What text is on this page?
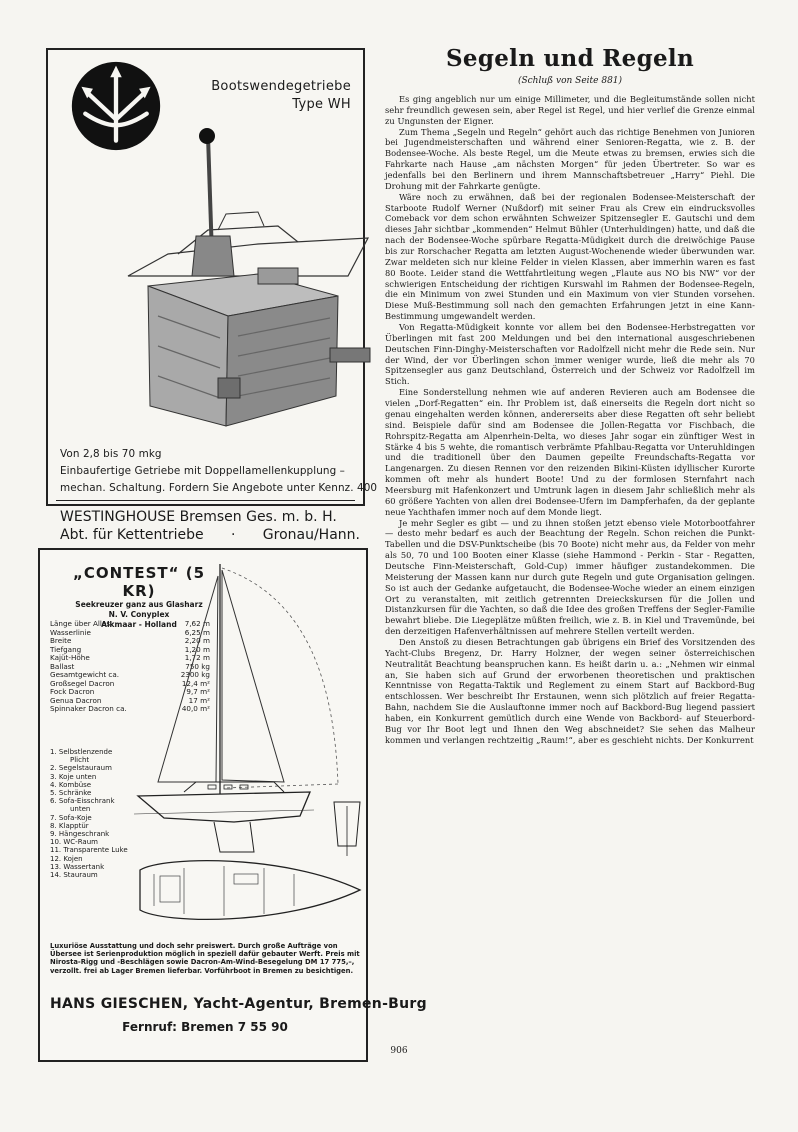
Bootswendegetriebe
Type WH
Von 2,8 bis 70 mkg
Einbaufertige Getriebe mit Doppellamellenkupplung –
mechan. Schaltung. Fordern Sie Angebote unter Kennz. 400
WESTINGHOUSE Bremsen Ges. m. b. H.
Abt. für Kettentriebe · Gronau/Hann.
„CONTEST“ (5 KR)
Seekreuzer ganz aus Glasharz
N. V. Conyplex
Alkmaar - Holland
Länge über Alles	7,62 m
Wasserlinie	6,25 m
Breite	2,20 m
Tiefgang	1,20 m
Kajüt-Höhe	1,72 m
Ballast	750 kg
Gesamtgewicht ca.	2300 kg
Großsegel Dacron	12,4 m²
Fock Dacron	9,7 m²
Genua Dacron	17 m²
Spinnaker Dacron ca.	40,0 m²
1. Selbstlenzende Plicht
2. Segelstauraum
3. Koje unten
4. Kombüse
5. Schränke
6. Sofa-Eisschrank unten
7. Sofa-Koje
8. Klapptür
9. Hängeschrank
10. WC-Raum
11. Transparente Luke
12. Kojen
13. Wassertank
14. Stauraum
Luxuriöse Ausstattung und doch sehr preiswert. Durch große Aufträge von Übersee ist Serienproduktion möglich in speziell dafür gebauter Werft. Preis mit Nirosta-Rigg und -Beschlägen sowie Dacron-Am-Wind-Besegelung DM 17 775,–, verzollt. frei ab Lager Bremen lieferbar. Vorführboot in Bremen zu besichtigen.
HANS GIESCHEN, Yacht-Agentur, Bremen-Burg
Fernruf: Bremen 7 55 90
Segeln und Regeln
(Schluß von Seite 881)

Es ging angeblich nur um einige Millimeter, und die Begleitumstände sollen nicht sehr freundlich gewesen sein, aber Regel ist Regel, und hier verlief die Grenze einmal zu Ungunsten der Eigner.

Zum Thema „Segeln und Regeln“ gehört auch das richtige Benehmen von Junioren bei Jugendmeisterschaften und während einer Senioren-Regatta, wie z. B. der Bodensee-Woche. Als beste Regel, um die Meute etwas zu bremsen, erwies sich die Fahrkarte nach Hause „am nächsten Morgen“ für jeden Übertreter. So war es jedenfalls bei den Berlinern und ihrem Mannschaftsbetreuer „Harry“ Piehl. Die Drohung mit der Fahrkarte genügte.

Wäre noch zu erwähnen, daß bei der regionalen Bodensee-Meisterschaft der Starboote Rudolf Werner (Nußdorf) mit seiner Frau als Crew ein eindrucksvolles Comeback vor dem schon erwähnten Schweizer Spitzensegler E. Gautschi und dem dieses Jahr sichtbar „kommenden“ Helmut Bühler (Unterhuldingen) hatte, und daß die nach der Bodensee-Woche spürbare Regatta-Müdigkeit durch die dreiwöchige Pause bis zur Rorschacher Regatta am letzten August-Wochenende wieder überwunden war. Zwar meldeten sich nur kleine Felder in vielen Klassen, aber immerhin waren es fast 80 Boote. Leider stand die Wettfahrtleitung wegen „Flaute aus NO bis NW“ vor der schwierigen Entscheidung der richtigen Kurswahl im Rahmen der Bodensee-Regeln, die ein Minimum von zwei Stunden und ein Maximum von vier Stunden vorsehen. Diese Muß-Bestimmung soll nach den gemachten Erfahrungen jetzt in eine Kann-Bestimmung umgewandelt werden.

Von Regatta-Müdigkeit konnte vor allem bei den Bodensee-Herbstregatten vor Überlingen mit fast 200 Meldungen und bei den international ausgeschriebenen Deutschen Finn-Dinghy-Meisterschaften vor Radolfzell nicht mehr die Rede sein. Nur der Wind, der vor Überlingen schon immer weniger wurde, ließ die mehr als 70 Spitzensegler aus ganz Deutschland, Österreich und der Schweiz vor Radolfzell im Stich.

Eine Sonderstellung nehmen wie auf anderen Revieren auch am Bodensee die vielen „Dorf-Regatten“ ein. Ihr Problem ist, daß einerseits die Regeln dort nicht so genau eingehalten werden können, andererseits aber diese Regatten oft sehr beliebt sind. Beispiele dafür sind am Bodensee die Jollen-Regatta vor Fischbach, die Rohrspitz-Regatta am Alpenrhein-Delta, wo dieses Jahr sogar ein zünftiger West in Stärke 4 bis 5 wehte, die romantisch verbrämte Pfahlbau-Regatta vor Unteruhldingen und die traditionell über den Daumen gepeilte Freundschafts-Regatta vor Langenargen. Zu diesen Rennen vor den reizenden Bikini-Küsten idyllischer Kurorte kommen oft mehr als hundert Boote! Und zu der formlosen Sternfahrt nach Meersburg mit Hafenkonzert und Umtrunk lagen in diesem Jahr schließlich mehr als 60 größere Yachten von allen drei Bodensee-Ufern im Dampferhafen, da der geplante neue Yachthafen immer noch auf dem Monde liegt.

Je mehr Segler es gibt — und zu ihnen stoßen jetzt ebenso viele Motorbootfahrer — desto mehr bedarf es auch der Beachtung der Regeln. Schon reichen die Punkt-Tabellen und die DSV-Punktscheibe (bis 70 Boote) nicht mehr aus, da Felder von mehr als 50, 70 und 100 Booten einer Klasse (siehe Hammond - Perkin - Star - Regatten, Deutsche Finn-Meisterschaft, Gold-Cup) immer häufiger zustandekommen. Die Meisterung der Massen kann nur durch gute Regeln und gute Organisation gelingen. So ist auch der Gedanke aufgetaucht, die Bodensee-Woche wieder an einem einzigen Ort zu veranstalten, mit zeitlich getrennten Dreieckskursen für die Jollen und Distanzkursen für die Yachten, so daß die Idee des großen Treffens der Segler-Familie bewahrt bliebe. Die Liegeplätze müßten freilich, wie z. B. in Kiel und Travemünde, bei den derzeitigen Hafenverhältnissen auf mehrere Stellen verteilt werden.

Den Anstoß zu diesen Betrachtungen gab übrigens ein Brief des Vorsitzenden des Yacht-Clubs Bregenz, Dr. Harry Holzner, der wegen seiner österreichischen Neutralität Beachtung beanspruchen kann. Es heißt darin u. a.: „Nehmen wir einmal an, Sie haben sich auf Grund der erworbenen theoretischen und praktischen Kenntnisse von Regatta-Taktik und Reglement zu einem Start auf Backbord-Bug entschlossen. Wer beschreibt Ihr Erstaunen, wenn sich plötzlich auf freier Regatta-Bahn, nachdem Sie die Auslauftonne immer noch auf Backbord-Bug liegend passiert haben, ein Konkurrent gemütlich durch eine Wende von Backbord- auf Steuerbord-Bug vor Ihr Boot legt und Ihnen den Weg abschneidet? Sie sehen das Malheur kommen und verlangen rechtzeitig „Raum!“, aber es geschieht nichts. Der Konkurrent

906
